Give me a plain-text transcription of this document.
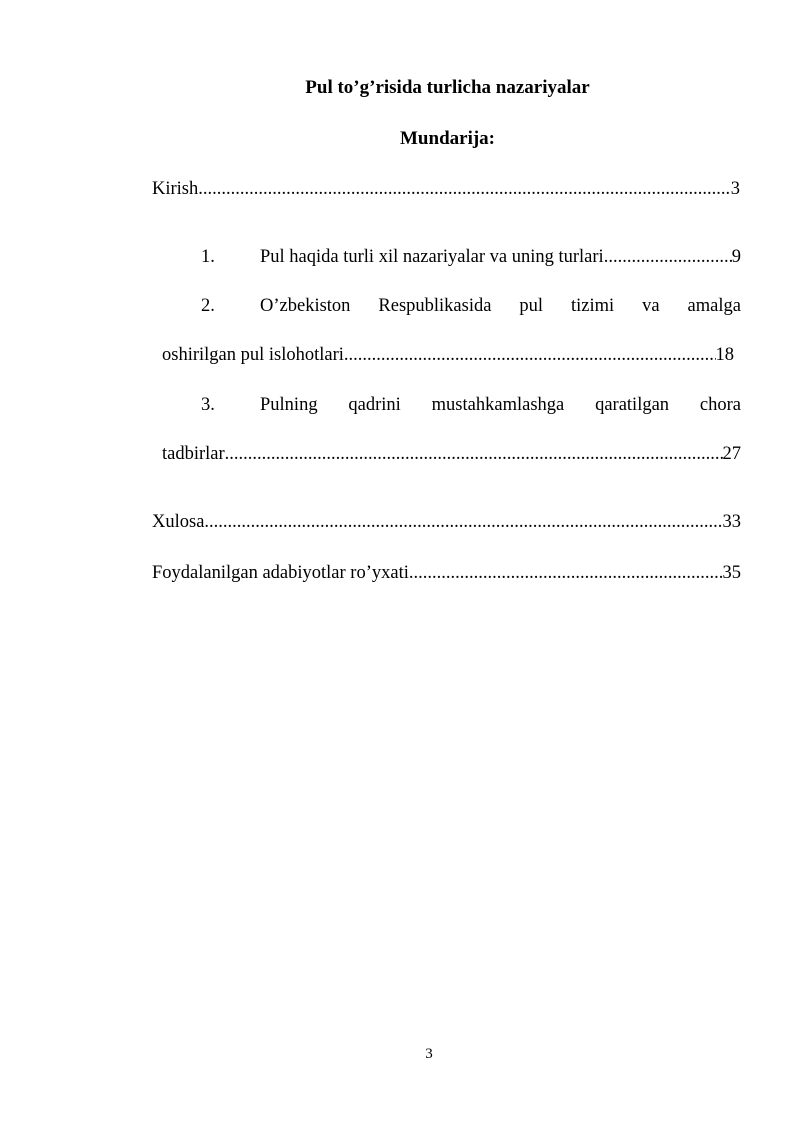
Pul to’g’risida turlicha nazariyalar
Mundarija:
Kirish .....	3
1. Pul haqida turli xil nazariyalar va uning turlari .....	9
2. O’zbekiston Respublikasida pul tizimi va amalga
oshirilgan pul islohotlari .....	18
3. Pulning qadrini mustahkamlashga qaratilgan chora
tadbirlar .....	27
Xulosa .....	33
Foydalanilgan adabiyotlar ro’yxati .....	35
3
